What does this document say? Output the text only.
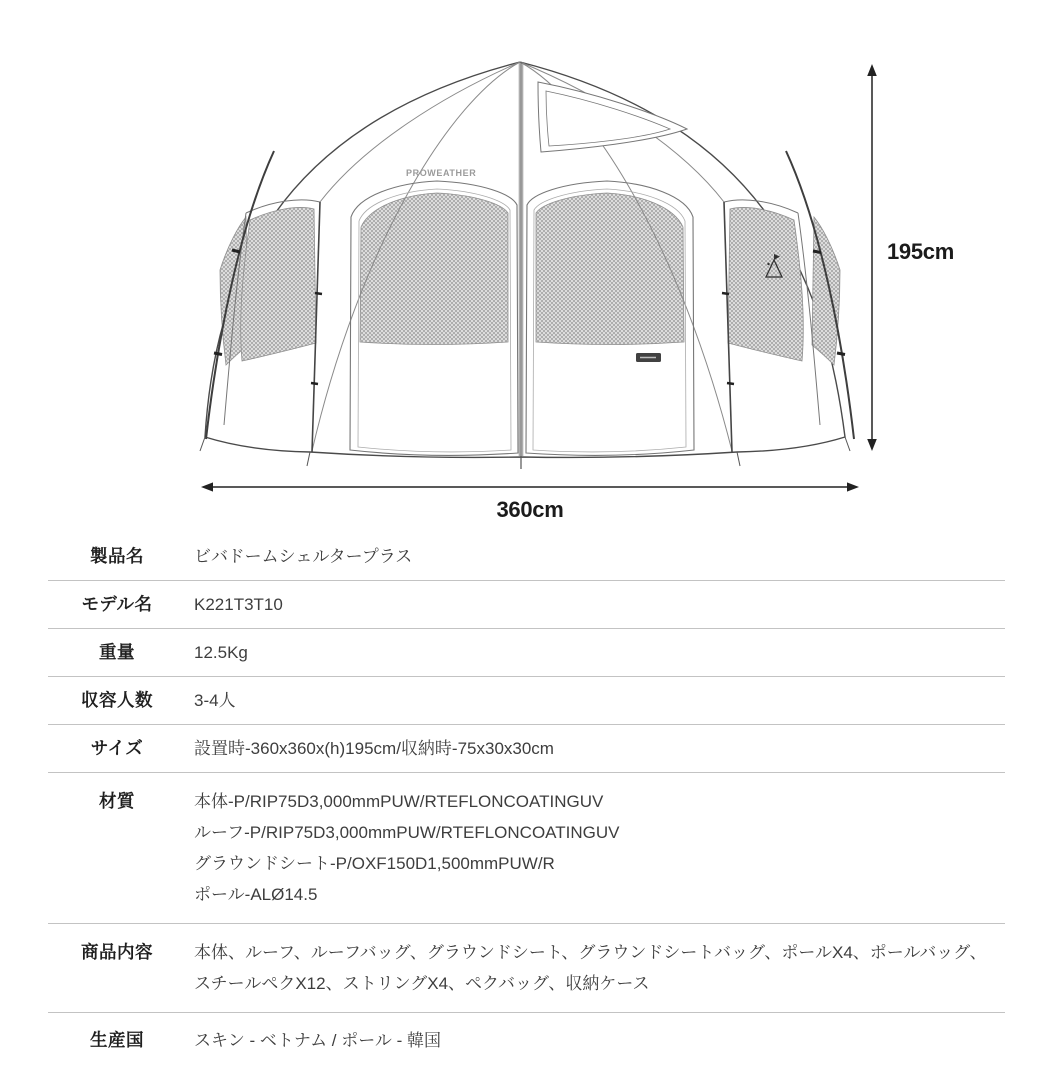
PROWEATHER
195cm
360cm
製品名	ビバドームシェルタープラス
モデル名	K221T3T10
重量	12.5Kg
収容人数	3-4人
サイズ	設置時-360x360x(h)195cm/収納時-75x30x30cm
材質	本体-P/RIP75D3,000mmPUW/RTEFLONCOATINGUV
ルーフ-P/RIP75D3,000mmPUW/RTEFLONCOATINGUV
グラウンドシート-P/OXF150D1,500mmPUW/R
ポール-ALØ14.5
商品内容	本体、ルーフ、ルーフバッグ、グラウンドシート、グラウンドシートバッグ、ポールX4、ポールバッグ、
スチールペクX12、ストリングX4、ペクバッグ、収納ケース
生産国	スキン - ベトナム / ポール - 韓国
